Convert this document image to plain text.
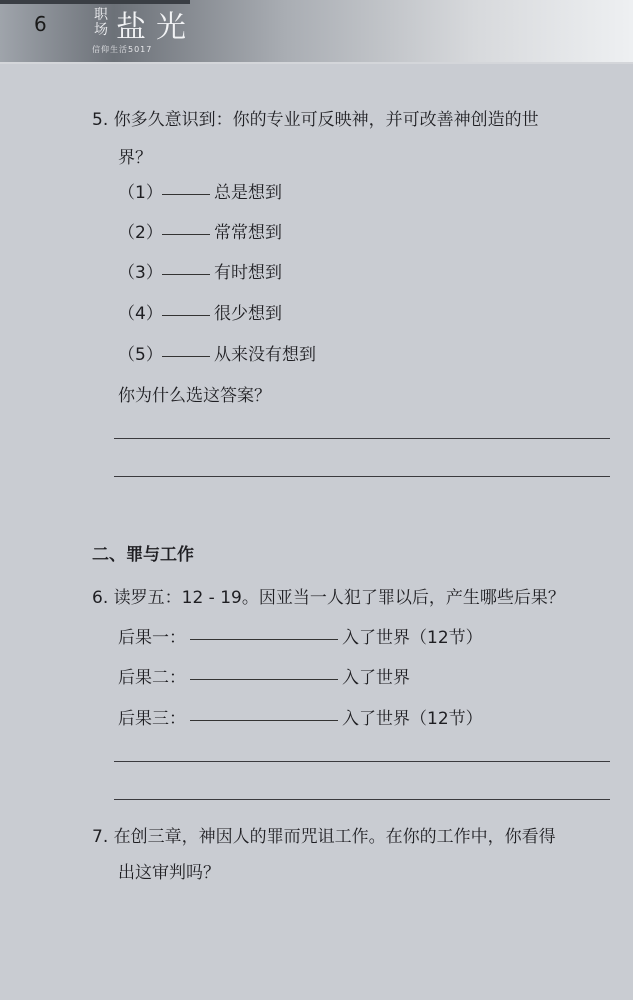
6	职场 盐光
信仰生活5017
5. 你多久意识到：你的专业可反映神，并可改善神创造的世
界？
（1）	总是想到
（2）	常常想到
（3）	有时想到
（4）	很少想到
（5）	从来没有想到
你为什么选这答案？
二、罪与工作
6. 读罗五：12 - 19。因亚当一人犯了罪以后，产生哪些后果？
后果一：	入了世界（12节）
后果二：	入了世界
后果三：	入了世界（12节）
7. 在创三章，神因人的罪而咒诅工作。在你的工作中，你看得
出这审判吗？
